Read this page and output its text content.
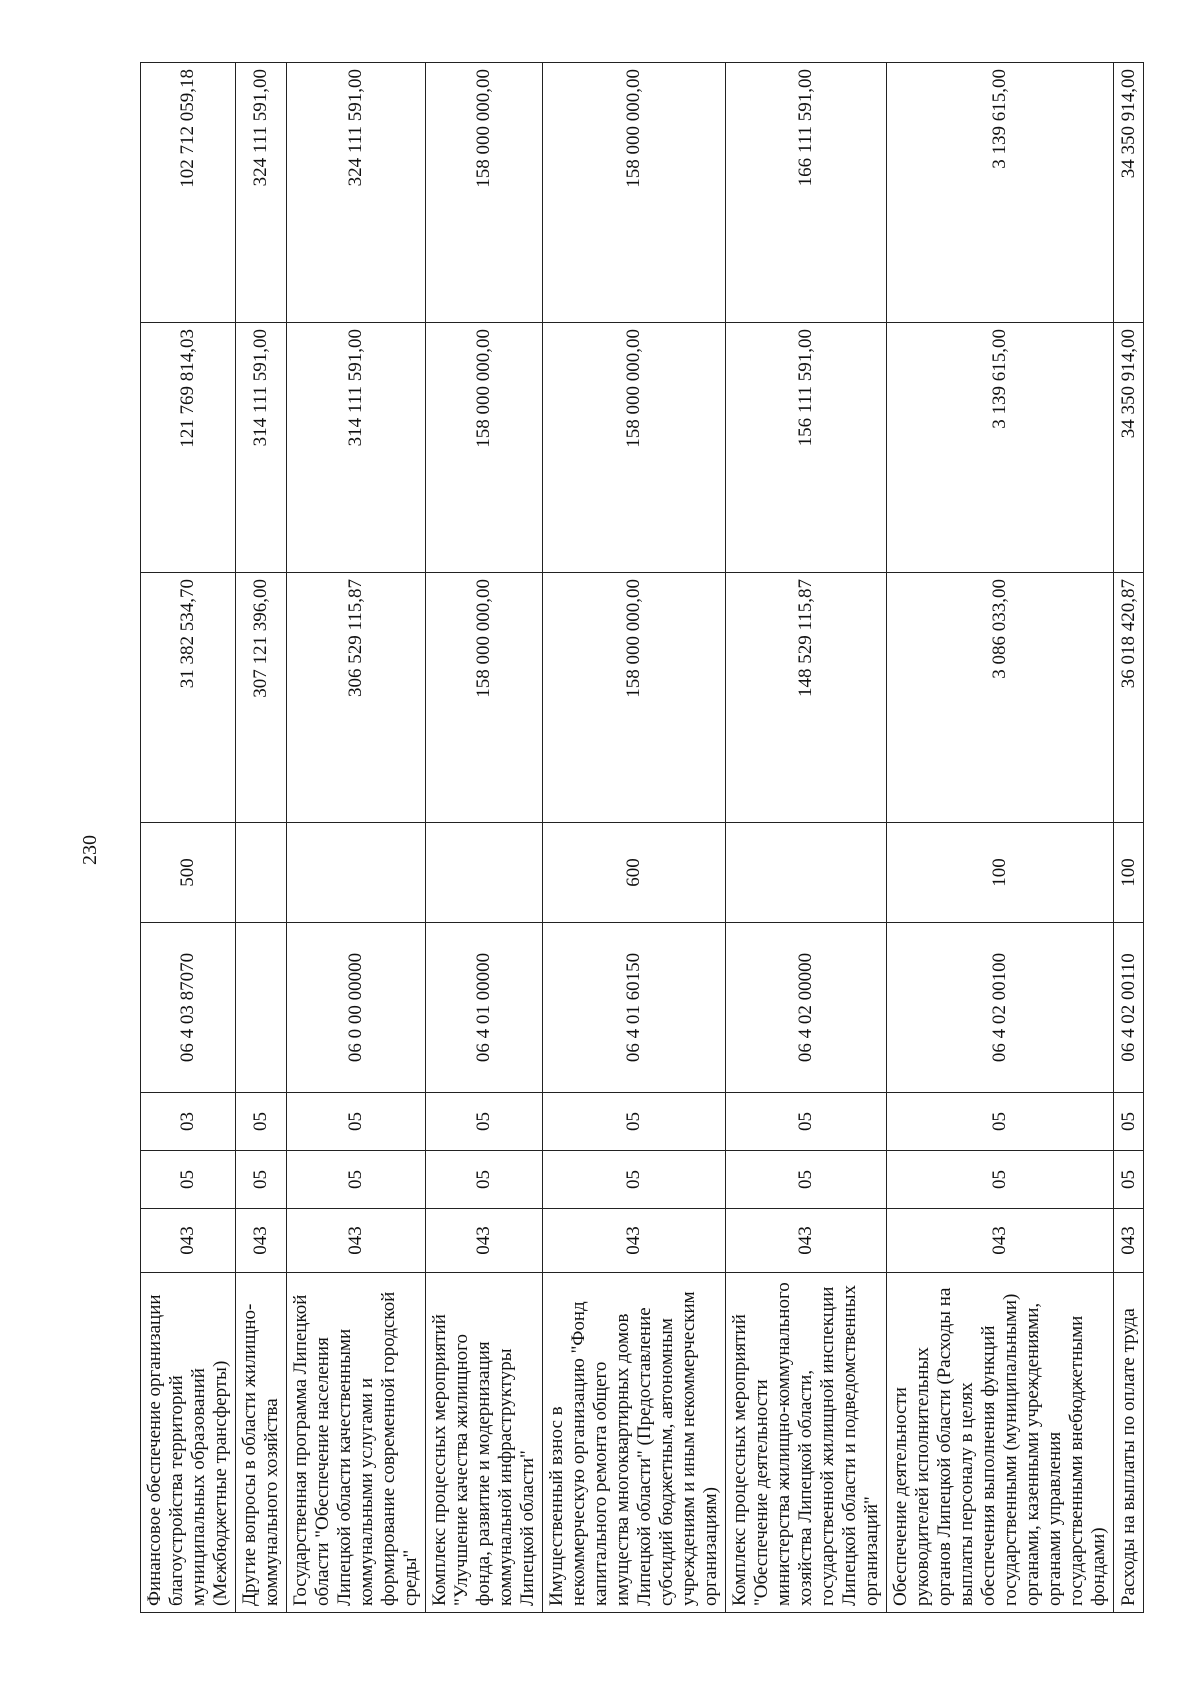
230
Финансовое обеспечение организации благоустройства территорий муниципальных образований (Межбюджетные трансферты)	043	05	03	06 4 03 87070	500	31 382 534,70	121 769 814,03	102 712 059,18
Другие вопросы в области жилищно-коммунального хозяйства	043	05	05			307 121 396,00	314 111 591,00	324 111 591,00
Государственная программа Липецкой области "Обеспечение населения Липецкой области качественными коммунальными услугами и формирование современной городской среды"	043	05	05	06 0 00 00000		306 529 115,87	314 111 591,00	324 111 591,00
Комплекс процессных мероприятий "Улучшение качества жилищного фонда, развитие и модернизация коммунальной инфраструктуры Липецкой области"	043	05	05	06 4 01 00000		158 000 000,00	158 000 000,00	158 000 000,00
Имущественный взнос в некоммерческую организацию "Фонд капитального ремонта общего имущества многоквартирных домов Липецкой области" (Предоставление субсидий бюджетным, автономным учреждениям и иным некоммерческим организациям)	043	05	05	06 4 01 60150	600	158 000 000,00	158 000 000,00	158 000 000,00
Комплекс процессных мероприятий "Обеспечение деятельности министерства жилищно-коммунального хозяйства Липецкой области, государственной жилищной инспекции Липецкой области и подведомственных организаций"	043	05	05	06 4 02 00000		148 529 115,87	156 111 591,00	166 111 591,00
Обеспечение деятельности руководителей исполнительных органов Липецкой области (Расходы на выплаты персоналу в целях обеспечения выполнения функций государственными (муниципальными) органами, казенными учреждениями, органами управления государственными внебюджетными фондами)	043	05	05	06 4 02 00100	100	3 086 033,00	3 139 615,00	3 139 615,00
Расходы на выплаты по оплате труда	043	05	05	06 4 02 00110	100	36 018 420,87	34 350 914,00	34 350 914,00
